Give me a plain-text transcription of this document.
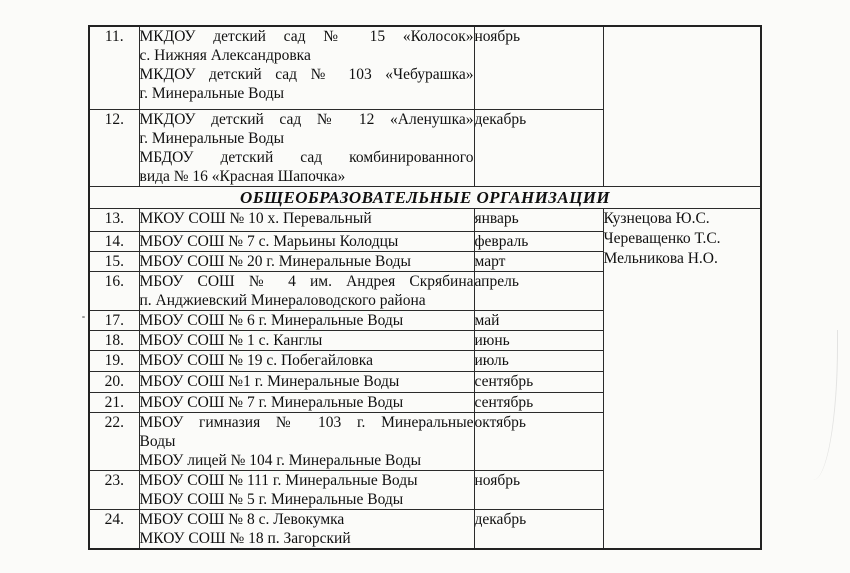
11.	МКДОУ детский сад № 15 «Колосок»
с. Нижняя Александровка
МКДОУ детский сад № 103 «Чебурашка»
г. Минеральные Воды	ноябрь	
12.	МКДОУ детский сад № 12 «Аленушка»
г. Минеральные Воды
МБДОУ детский сад комбинированного
вида № 16 «Красная Шапочка»	декабрь	
ОБЩЕОБРАЗОВАТЕЛЬНЫЕ ОРГАНИЗАЦИИ			
13.	МКОУ СОШ № 10 х. Перевальный	январь	Кузнецова Ю.С.
Череващенко Т.С.
Мельникова Н.О.

14.	МБОУ СОШ № 7 с. Марьины Колодцы	февраль	
15.	МБОУ СОШ № 20 г. Минеральные Воды	март	
16.	МБОУ СОШ № 4 им. Андрея Скрябина
п. Анджиевский Минераловодского района	апрель	
17.	МБОУ СОШ № 6 г. Минеральные Воды	май	
18.	МБОУ СОШ № 1 с. Канглы	июнь	
19.	МБОУ СОШ № 19 с. Побегайловка	июль	
20.	МБОУ СОШ №1 г. Минеральные Воды	сентябрь	
21.	МБОУ СОШ № 7 г. Минеральные Воды	сентябрь	
22.	МБОУ гимназия № 103 г. Минеральные
Воды
МБОУ лицей № 104 г. Минеральные Воды	октябрь	
23.	МБОУ СОШ № 111 г. Минеральные Воды
МБОУ СОШ № 5 г. Минеральные Воды	ноябрь	
24.	МБОУ СОШ № 8 с. Левокумка
МКОУ СОШ № 18 п. Загорский	декабрь	
